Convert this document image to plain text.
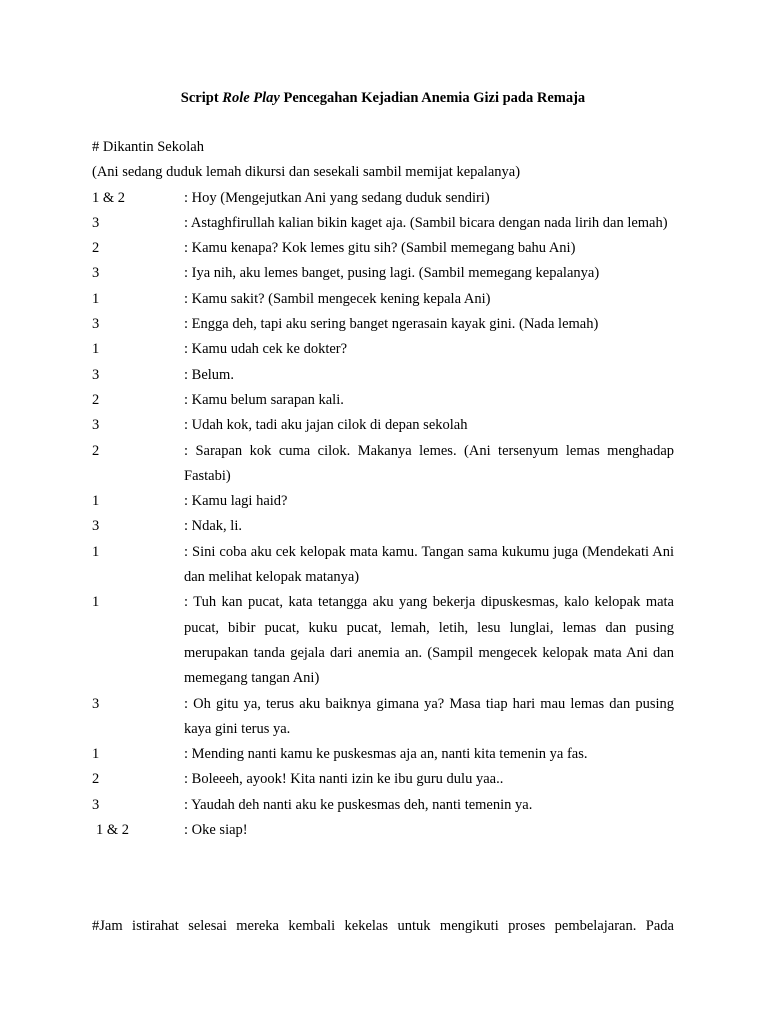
Script Role Play Pencegahan Kejadian Anemia Gizi pada Remaja

# Dikantin Sekolah

(Ani sedang duduk lemah dikursi dan sesekali sambil memijat kepalanya)

1 & 2	: Hoy (Mengejutkan Ani yang sedang duduk sendiri)
3	: Astaghfirullah kalian bikin kaget aja. (Sambil bicara dengan nada lirih dan lemah)
2	: Kamu kenapa? Kok lemes gitu sih? (Sambil memegang bahu Ani)
3	: Iya nih, aku lemes banget, pusing lagi. (Sambil memegang kepalanya)
1	: Kamu sakit? (Sambil mengecek kening kepala Ani)
3	: Engga deh, tapi aku sering banget ngerasain kayak gini. (Nada lemah)
1	: Kamu udah cek ke dokter?
3	: Belum.
2	: Kamu belum sarapan kali.
3	: Udah kok, tadi aku jajan cilok di depan sekolah
2	: Sarapan kok cuma cilok. Makanya lemes. (Ani tersenyum lemas menghadap Fastabi)
1	: Kamu lagi haid?
3	: Ndak, li.
1	: Sini coba aku cek kelopak mata kamu. Tangan sama kukumu juga (Mendekati Ani dan melihat kelopak matanya)
1	: Tuh kan pucat, kata tetangga aku yang bekerja dipuskesmas, kalo kelopak mata pucat, bibir pucat, kuku pucat, lemah, letih, lesu lunglai, lemas dan pusing merupakan tanda gejala dari anemia an. (Sampil mengecek kelopak mata Ani dan memegang tangan Ani)
3	: Oh gitu ya, terus aku baiknya gimana ya? Masa tiap hari mau lemas dan pusing kaya gini terus ya.
1	: Mending nanti kamu ke puskesmas aja an, nanti kita temenin ya fas.
2	: Boleeeh, ayook! Kita nanti izin ke ibu guru dulu yaa..
3	: Yaudah deh nanti aku ke puskesmas deh, nanti temenin ya.
1 & 2	: Oke siap!
#Jam istirahat selesai mereka kembali kekelas untuk mengikuti proses pembelajaran. Pada
